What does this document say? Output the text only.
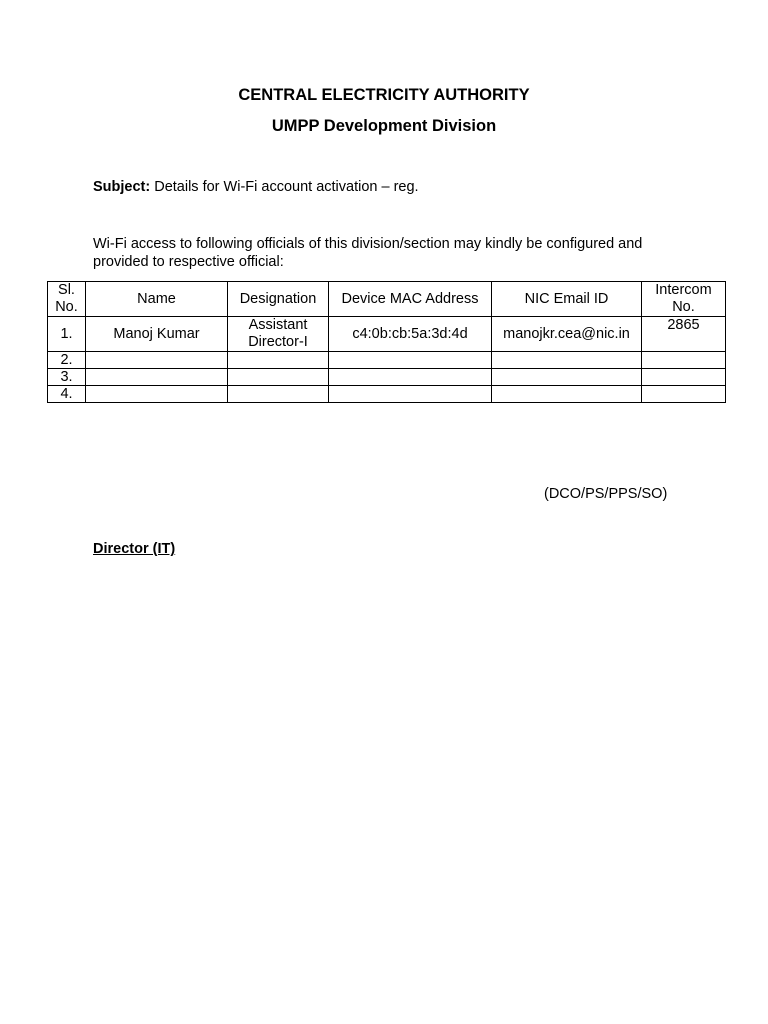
CENTRAL ELECTRICITY AUTHORITY
UMPP Development Division
Subject: Details for Wi-Fi account activation – reg.
Wi-Fi access to following officials of this division/section may kindly be configured and provided to respective official:
Sl. No.	Name	Designation	Device MAC Address	NIC Email ID	Intercom No.
1.	Manoj Kumar	Assistant Director-I	c4:0b:cb:5a:3d:4d	manojkr.cea@nic.in	2865
2.					
3.					
4.					
(DCO/PS/PPS/SO)
Director (IT)
